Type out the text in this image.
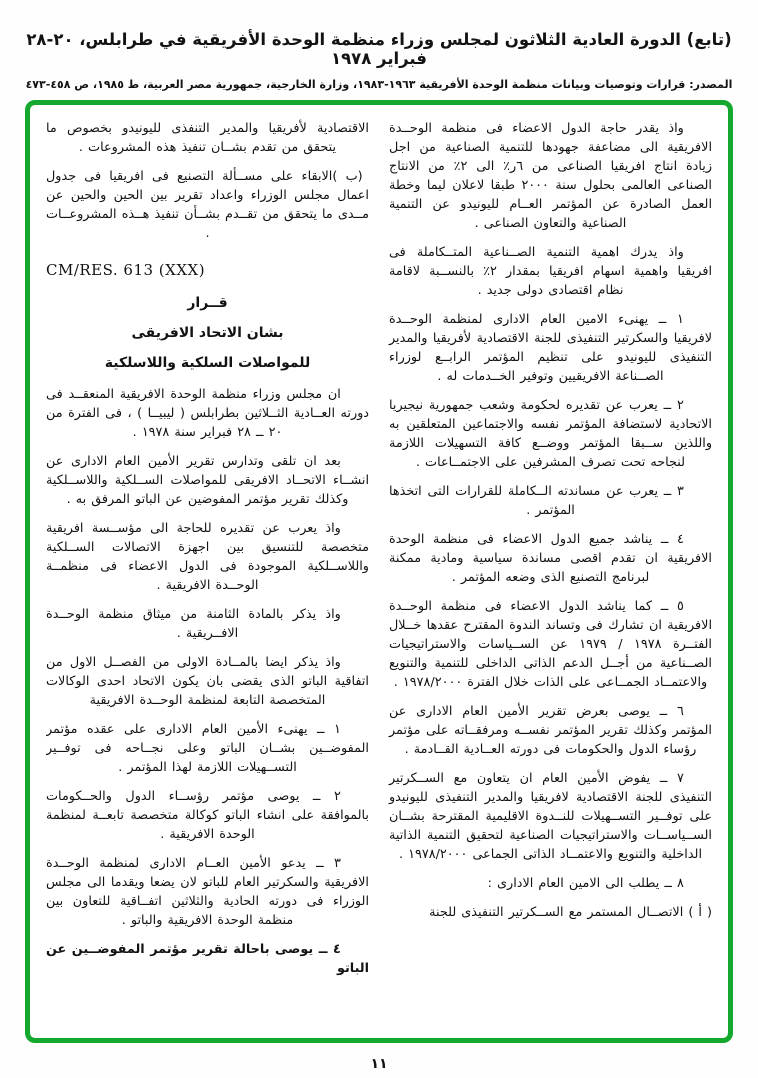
(تابع) الدورة العادية الثلاثون لمجلس وزراء منظمة الوحدة الأفريقية في طرابلس، ٢٠-٢٨ فبراير ١٩٧٨
المصدر: قرارات وتوصيات وبيانات منظمة الوحدة الأفريقية ١٩٦٣-١٩٨٣، وزارة الخارجية، جمهورية مصر العربية، ط ١٩٨٥، ص ٤٥٨-٤٧٣

واذ يقدر حاجة الدول الاعضاء فى منظمة الوحــدة الافريقية الى مضاعفة جهودها للتنمية الصناعية من اجل زيادة انتاج افريقيا الصناعى من ٦ر٪ الى ٢٪ من الانتاج الصناعى العالمى بحلول سنة ٢٠٠٠ طبقا لاعلان ليما وخطة العمل الصادرة عن المؤتمر العــام لليونيدو عن التنمية الصناعية والتعاون الصناعى .

واذ يدرك اهمية التنمية الصــناعية المتــكاملة فى افريقيا واهمية اسهام افريقيا بمقدار ٢٪ بالنســبة لاقامة نظام اقتصادى دولى جديد .

١ ــ يهنىء الامين العام الادارى لمنظمة الوحــدة لافريقيا والسكرتير التنفيذى للجنة الاقتصادية لأفريقيا والمدير التنفيذى لليونيدو على تنظيم المؤتمر الرابــع لوزراء الصــناعة الافريقيين وتوفير الخــدمات له .

٢ ــ يعرب عن تقديره لحكومة وشعب جمهورية نيجيريا الاتحادية لاستضافة المؤتمر نفسه والاجتماعين المتعلقين به واللذين ســبقا المؤتمر ووضــع كافة التسهيلات اللازمة لنجاحه تحت تصرف المشرفين على الاجتمــاعات .

٣ ــ يعرب عن مساندته الــكاملة للقرارات التى اتخذها المؤتمر .

٤ ــ يناشد جميع الدول الاعضاء فى منظمة الوحدة الافريقية ان تقدم اقصى مساندة سياسية ومادية ممكنة لبرنامج التصنيع الذى وضعه المؤتمر .

٥ ــ كما يناشد الدول الاعضاء فى منظمة الوحــدة الافريقية ان تشارك فى وتساند الندوة المقترح عقدها خــلال الفتــرة ١٩٧٨ / ١٩٧٩ عن الســياسات والاستراتيجيات الصــناعية من أجــل الدعم الذاتى الداخلى للتنمية والتنويع والاعتمــاد الجمــاعى على الذات خلال الفترة ١٩٧٨/٢٠٠٠ .

٦ ــ يوصى بعرض تقرير الأمين العام الادارى عن المؤتمر وكذلك تقرير المؤتمر نفســه ومرفقــاته على مؤتمر رؤساء الدول والحكومات فى دورته العــادية القــادمة .

٧ ــ يفوض الأمين العام ان يتعاون مع الســكرتير التنفيذى للجنة الاقتصادية لافريقيا والمدير التنفيذى لليونيدو على توفــير التســهيلات للنــدوة الاقليمية المقترحة بشــان الســياســات والاستراتيجيات الصناعية لتحقيق التنمية الذاتية الداخلية والتنويع والاعتمــاد الذاتى الجماعى ١٩٧٨/٢٠٠٠ .

٨ ــ يطلب الى الامين العام الادارى :

( أ ) الاتصــال المستمر مع الســكرتير التنفيذى للجنة

الاقتصادية لأفريقيا والمدير التنفذى لليونيدو بخصوص ما يتحقق من تقدم بشــان تنفيذ هذه المشروعات .

(ب )الابقاء على مســألة التصنيع فى افريقيا فى جدول اعمال مجلس الوزراء واعداد تقرير بين الحين والحين عن مــدى ما يتحقق من تقــدم بشــأن تنفيذ هــذه المشروعــات .

CM/RES. 613 (XXX)

قــرار

بشان الاتحاد الافريقى

للمواصلات السلكية واللاسلكية

ان مجلس وزراء منظمة الوحدة الافريقية المنعقــد فى دورته العــادية الثــلاثين بطرابلس ( ليبيــا ) ، فى الفترة من ٢٠ ــ ٢٨ فبراير سنة ١٩٧٨ .

بعد ان تلقى وتدارس تقرير الأمين العام الادارى عن انشــاء الاتحــاد الافريقى للمواصلات الســلكية واللاســلكية وكذلك تقرير مؤتمر المفوضين عن الباتو المرفق به .

واذ يعرب عن تقديره للحاجة الى مؤســسة افريقية متخصصة للتنسيق بين اجهزة الاتصالات الســلكية واللاســلكية الموجودة فى الدول الاعضاء فى منظمــة الوحــدة الافريقية .

واذ يذكر بالمادة الثامنة من ميثاق منظمة الوحــدة الافــريقية .

واذ يذكر ايضا بالمــادة الاولى من الفصــل الاول من اتفاقية الباتو الذى يقضى بان يكون الاتحاد احدى الوكالات المتخصصة التابعة لمنظمة الوحــدة الافريقية

١ ــ يهنىء الأمين العام الادارى على عقده مؤتمر المفوضــين بشــان الباتو وعلى نجــاحه فى توفــير التســهيلات اللازمة لهذا المؤتمر .

٢ ــ يوصى مؤتمر رؤســاء الدول والحــكومات بالموافقة على انشاء الباتو كوكالة متخصصة تابعــة لمنظمة الوحدة الافريقية .

٣ ــ يدعو الأمين العــام الادارى لمنظمة الوحــدة الافريقية والسكرتير العام للباتو لان يضعا ويقدما الى مجلس الوزراء فى دورته الحادية والثلاثين اتفــاقية للتعاون بين منظمة الوحدة الافريقية والباتو .

٤ ــ يوصى باحالة تقرير مؤتمر المفوضــين عن الباتو

١١
